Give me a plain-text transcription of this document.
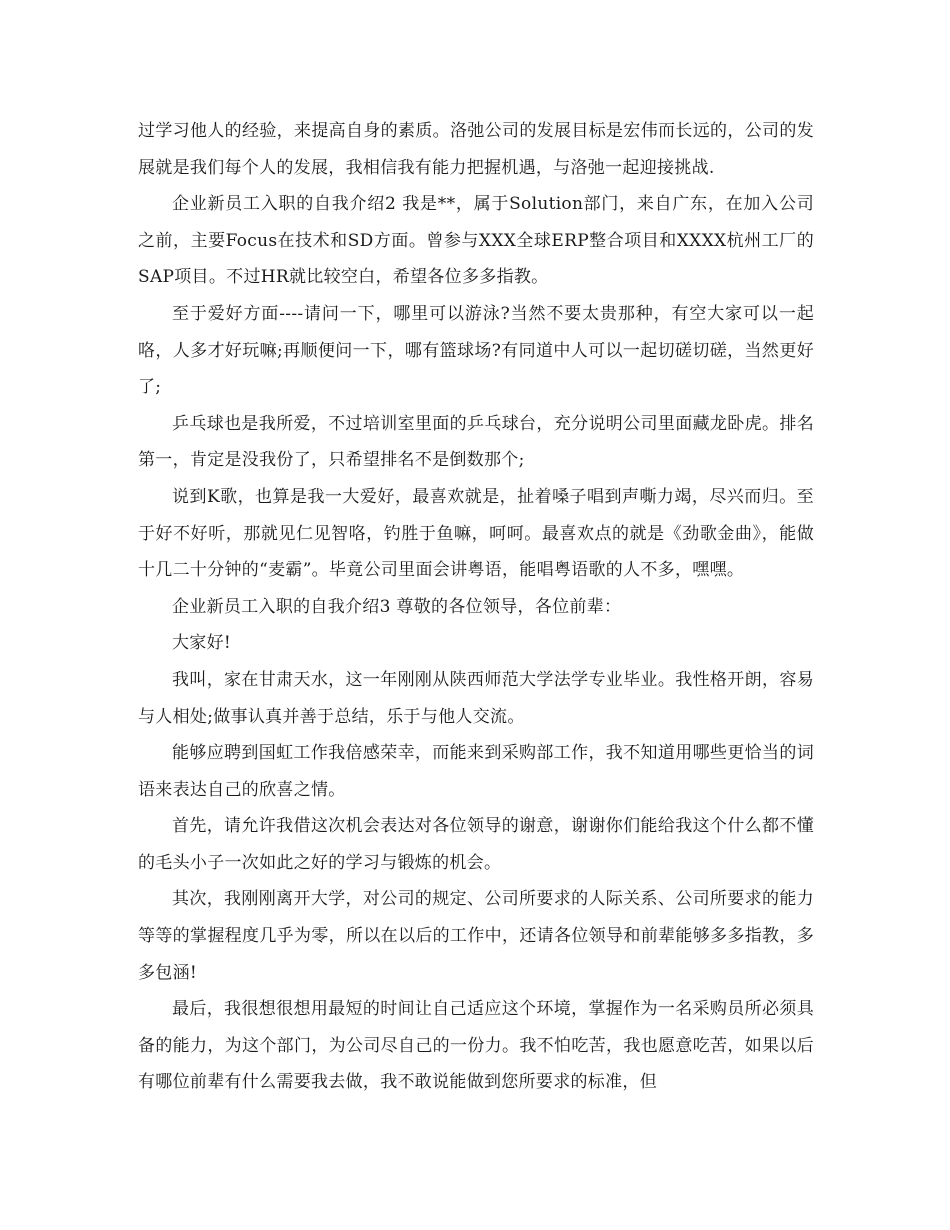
过学习他人的经验，来提高自身的素质。洛弛公司的发展目标是宏伟而长远的，公司的发展就是我们每个人的发展，我相信我有能力把握机遇，与洛弛一起迎接挑战.

企业新员工入职的自我介绍2 我是**，属于Solution部门，来自广东，在加入公司之前，主要Focus在技术和SD方面。曾参与XXX全球ERP整合项目和XXXX杭州工厂的SAP项目。不过HR就比较空白，希望各位多多指教。

至于爱好方面----请问一下，哪里可以游泳?当然不要太贵那种，有空大家可以一起咯，人多才好玩嘛;再顺便问一下，哪有篮球场?有同道中人可以一起切磋切磋，当然更好了;

乒乓球也是我所爱，不过培训室里面的乒乓球台，充分说明公司里面藏龙卧虎。排名第一，肯定是没我份了，只希望排名不是倒数那个;

说到K歌，也算是我一大爱好，最喜欢就是，扯着嗓子唱到声嘶力竭，尽兴而归。至于好不好听，那就见仁见智咯，钓胜于鱼嘛，呵呵。最喜欢点的就是《劲歌金曲》，能做十几二十分钟的“麦霸”。毕竟公司里面会讲粤语，能唱粤语歌的人不多，嘿嘿。

企业新员工入职的自我介绍3 尊敬的各位领导，各位前辈：

大家好!

我叫，家在甘肃天水，这一年刚刚从陕西师范大学法学专业毕业。我性格开朗，容易与人相处;做事认真并善于总结，乐于与他人交流。

能够应聘到国虹工作我倍感荣幸，而能来到采购部工作，我不知道用哪些更恰当的词语来表达自己的欣喜之情。

首先，请允许我借这次机会表达对各位领导的谢意，谢谢你们能给我这个什么都不懂的毛头小子一次如此之好的学习与锻炼的机会。

其次，我刚刚离开大学，对公司的规定、公司所要求的人际关系、公司所要求的能力等等的掌握程度几乎为零，所以在以后的工作中，还请各位领导和前辈能够多多指教，多多包涵!

最后，我很想很想用最短的时间让自己适应这个环境，掌握作为一名采购员所必须具备的能力，为这个部门，为公司尽自己的一份力。我不怕吃苦，我也愿意吃苦，如果以后有哪位前辈有什么需要我去做，我不敢说能做到您所要求的标准，但
